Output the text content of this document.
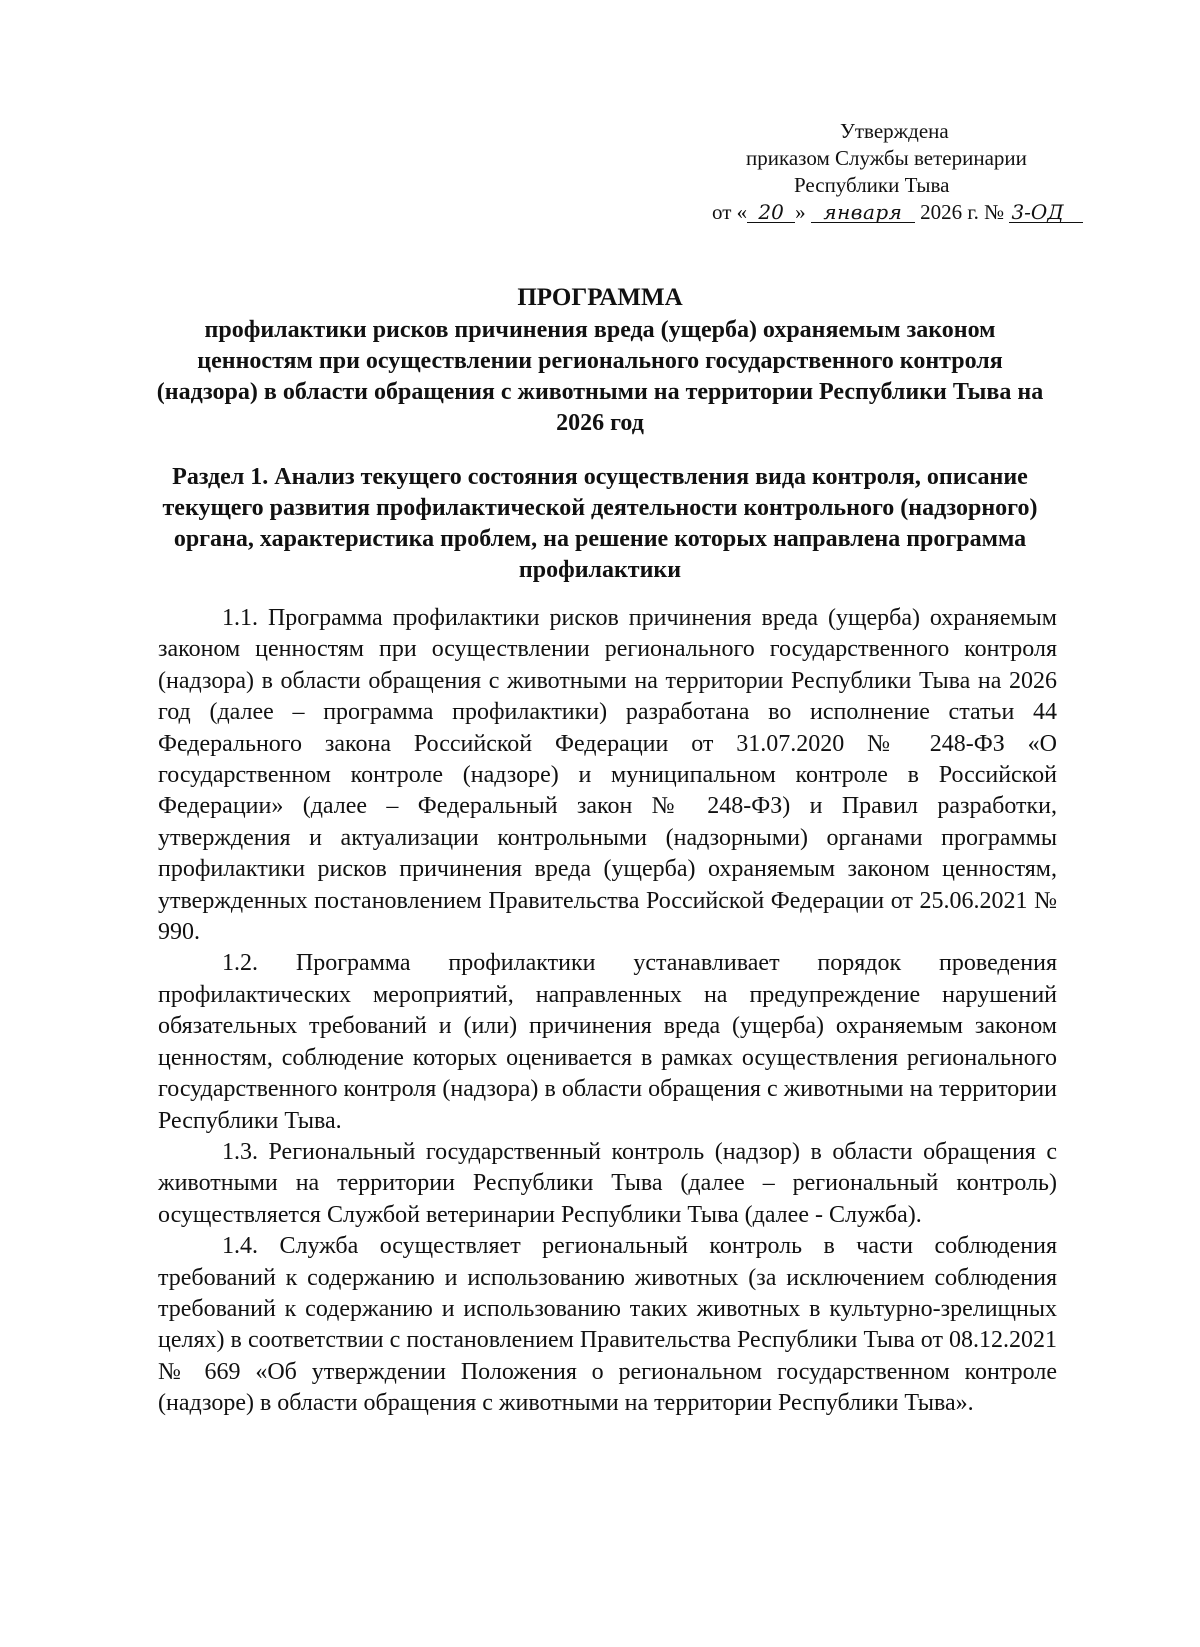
Утверждена
приказом Службы ветеринарии
Республики Тыва
от « 20 » января 2026 г. № 3-ОД
ПРОГРАММА
профилактики рисков причинения вреда (ущерба) охраняемым законом ценностям при осуществлении регионального государственного контроля (надзора) в области обращения с животными на территории Республики Тыва на 2026 год
Раздел 1. Анализ текущего состояния осуществления вида контроля, описание текущего развития профилактической деятельности контрольного (надзорного) органа, характеристика проблем, на решение которых направлена программа профилактики

1.1. Программа профилактики рисков причинения вреда (ущерба) охраняемым законом ценностям при осуществлении регионального государственного контроля (надзора) в области обращения с животными на территории Республики Тыва на 2026 год (далее – программа профилактики) разработана во исполнение статьи 44 Федерального закона Российской Федерации от 31.07.2020 № 248-ФЗ «О государственном контроле (надзоре) и муниципальном контроле в Российской Федерации» (далее – Федеральный закон № 248-ФЗ) и Правил разработки, утверждения и актуализации контрольными (надзорными) органами программы профилактики рисков причинения вреда (ущерба) охраняемым законом ценностям, утвержденных постановлением Правительства Российской Федерации от 25.06.2021 № 990.

1.2. Программа профилактики устанавливает порядок проведения профилактических мероприятий, направленных на предупреждение нарушений обязательных требований и (или) причинения вреда (ущерба) охраняемым законом ценностям, соблюдение которых оценивается в рамках осуществления регионального государственного контроля (надзора) в области обращения с животными на территории Республики Тыва.

1.3. Региональный государственный контроль (надзор) в области обращения с животными на территории Республики Тыва (далее – региональный контроль) осуществляется Службой ветеринарии Республики Тыва (далее - Служба).

1.4. Служба осуществляет региональный контроль в части соблюдения требований к содержанию и использованию животных (за исключением соблюдения требований к содержанию и использованию таких животных в культурно-зрелищных целях) в соответствии с постановлением Правительства Республики Тыва от 08.12.2021 № 669 «Об утверждении Положения о региональном государственном контроле (надзоре) в области обращения с животными на территории Республики Тыва».
